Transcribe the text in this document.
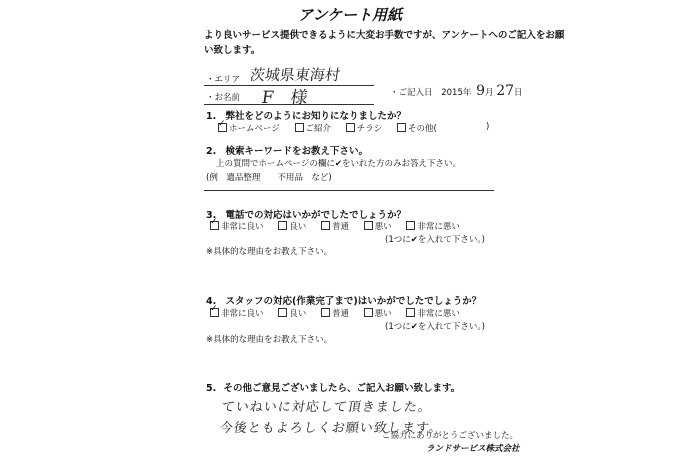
アンケート用紙
より良いサービス提供できるように大変お手数ですが、アンケートへのご記入をお願
い致します。
・エリア 茨城県東海村
・お名前 F　様	・ご記入日 2015年 9月 27日
1. 弊社をどのようにお知りになりましたか？
✓ホームページ	ご紹介	チラシ	その他(	)
2. 検索キーワードをお教え下さい。
上の質問でホームページの欄に✔をいれた方のみお答え下さい。
(例　遺品整理　　不用品　など)
3. 電話での対応はいかがでしたでしょうか？
✓非常に良い	良い	普通	悪い	非常に悪い
(1つに✔を入れて下さい。)
※具体的な理由をお教え下さい。
4. スタッフの対応(作業完了まで)はいかがでしたでしょうか？
✓非常に良い	良い	普通	悪い	非常に悪い
(1つに✔を入れて下さい。)
※具体的な理由をお教え下さい。
5. その他ご意見ございましたら、ご記入お願い致します。
ていねいに対応して頂きました。
今後ともよろしくお願い致します。
ご協力にありがとうございました。
ランドサービス株式会社
